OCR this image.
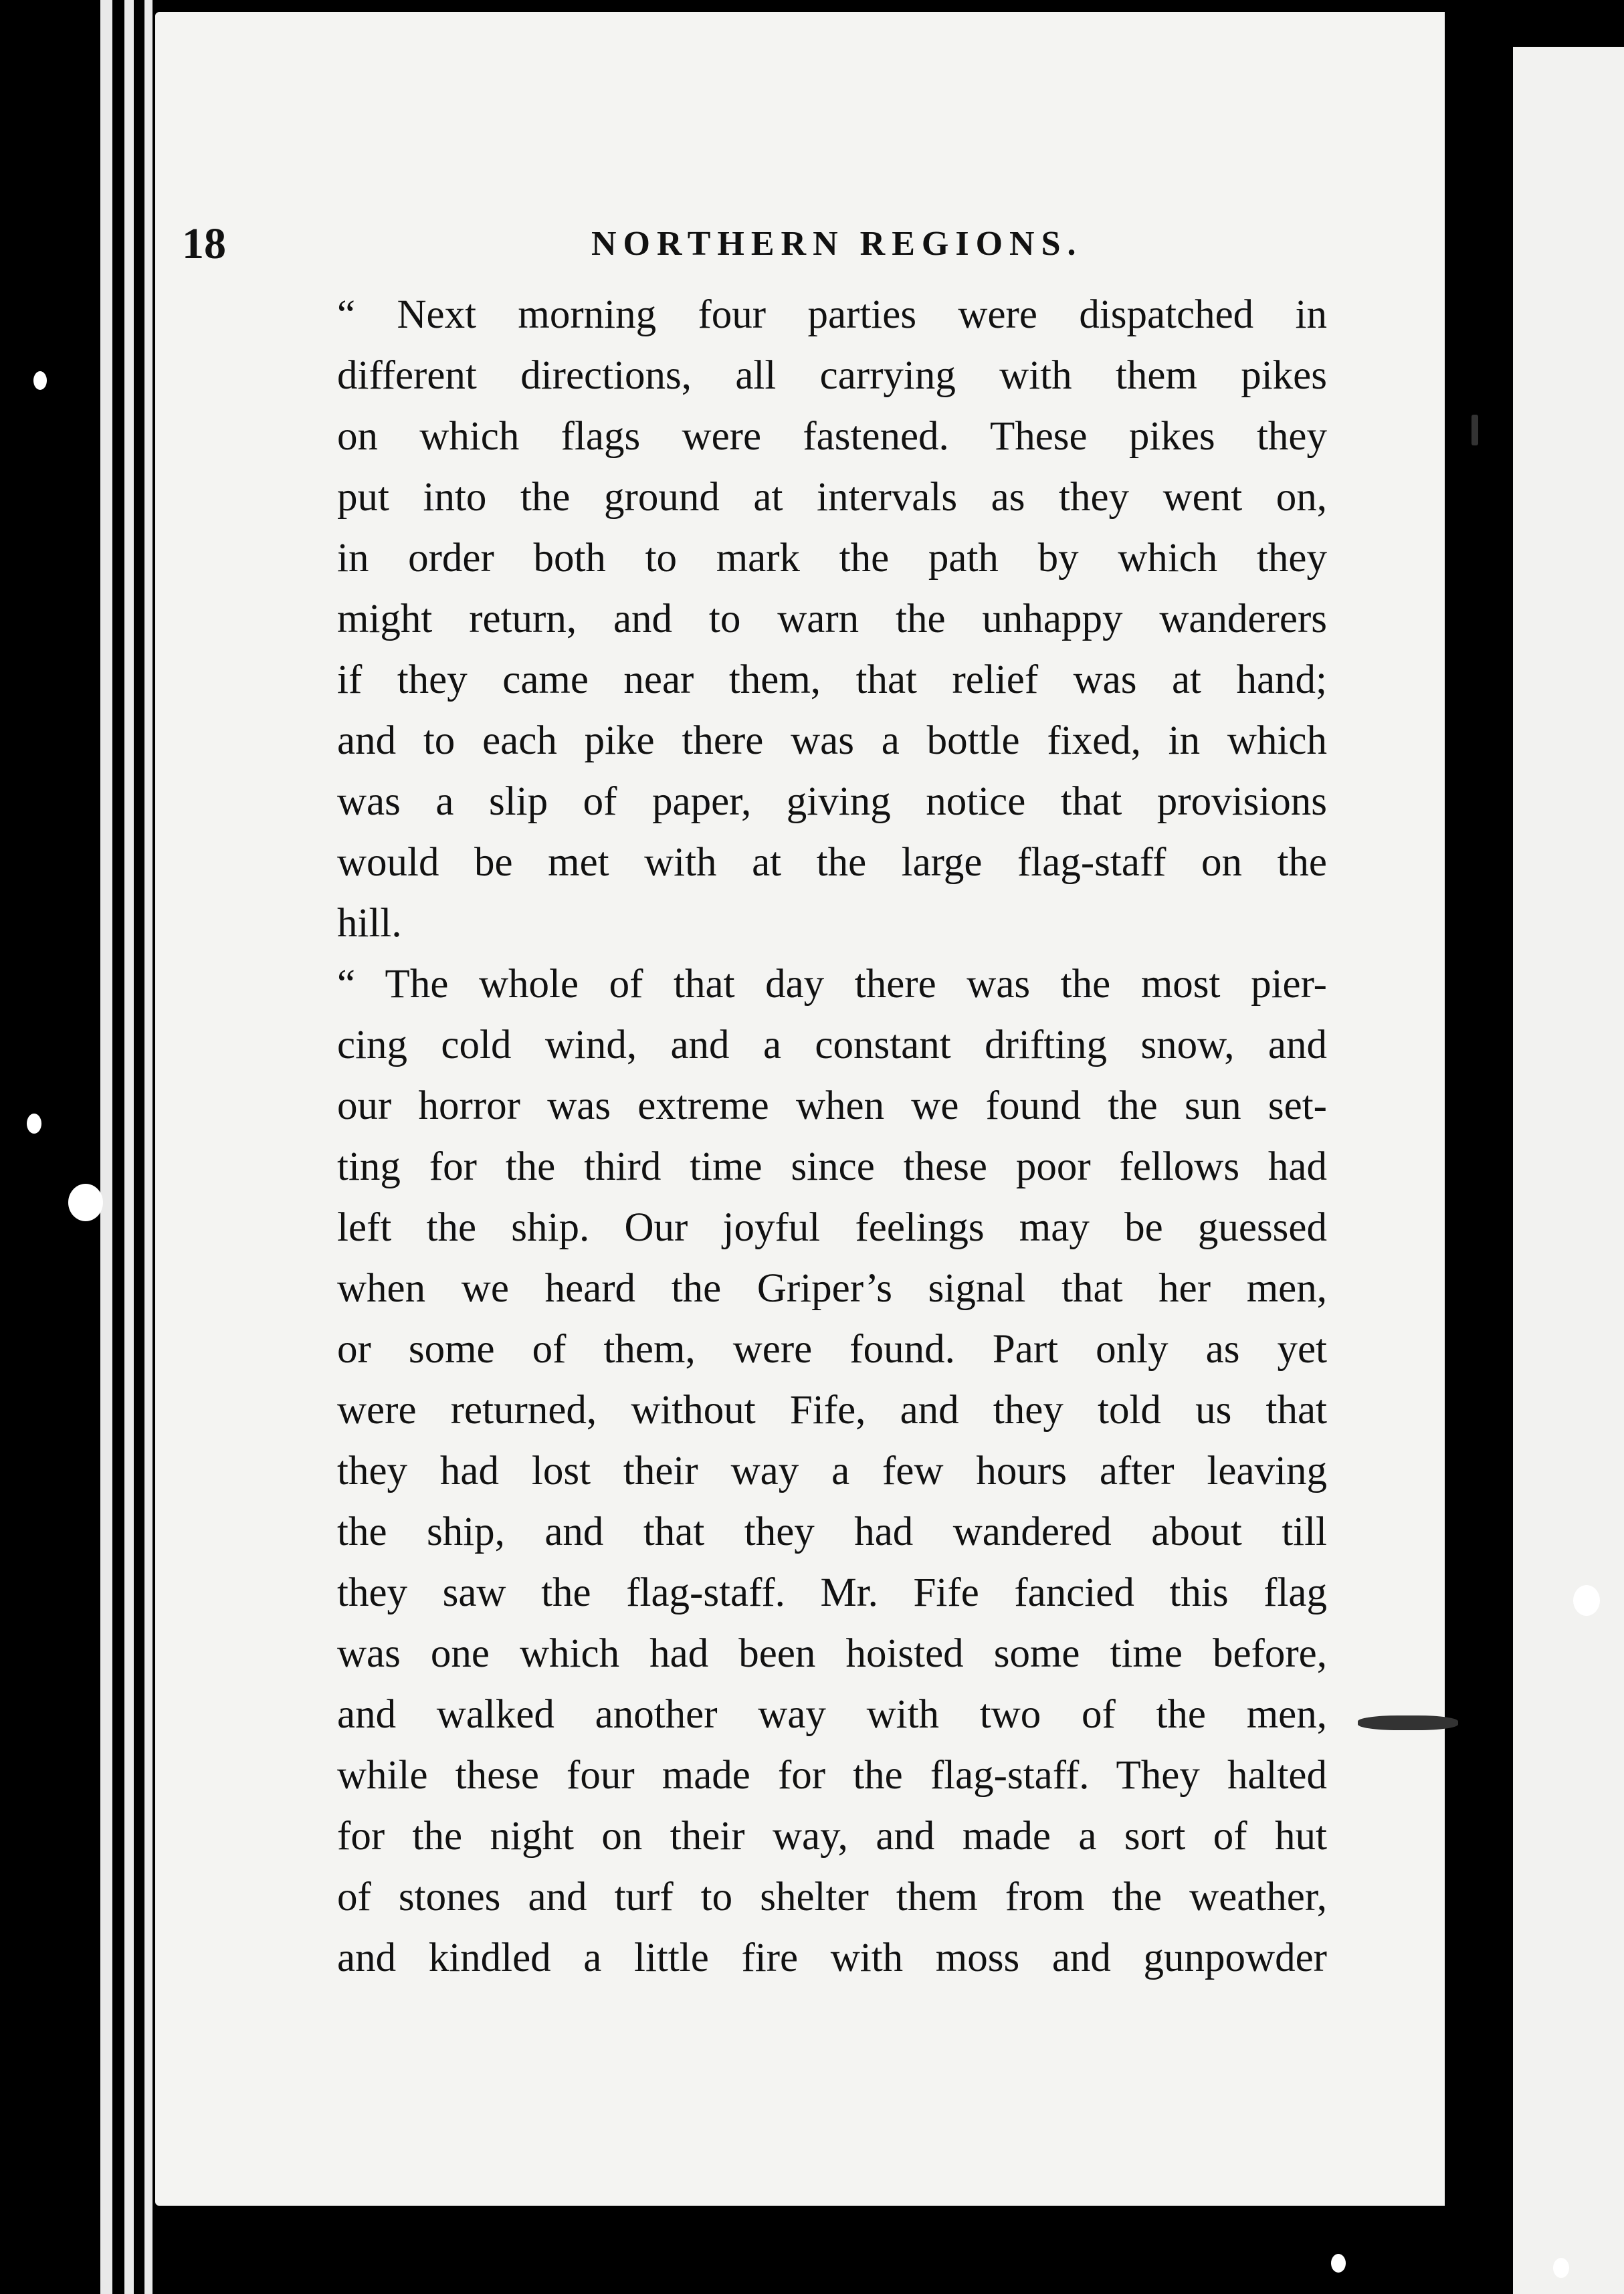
18	NORTHERN REGIONS.
“ Next morning four parties were dispatched in
different directions, all carrying with them pikes
on which flags were fastened. These pikes they
put into the ground at intervals as they went on,
in order both to mark the path by which they
might return, and to warn the unhappy wanderers
if they came near them, that relief was at hand;
and to each pike there was a bottle fixed, in which
was a slip of paper, giving notice that provisions
would be met with at the large flag-staff on the
hill.
“ The whole of that day there was the most pier-
cing cold wind, and a constant drifting snow, and
our horror was extreme when we found the sun set-
ting for the third time since these poor fellows had
left the ship. Our joyful feelings may be guessed
when we heard the Griper’s signal that her men,
or some of them, were found. Part only as yet
were returned, without Fife, and they told us that
they had lost their way a few hours after leaving
the ship, and that they had wandered about till
they saw the flag-staff. Mr. Fife fancied this flag
was one which had been hoisted some time before,
and walked another way with two of the men,
while these four made for the flag-staff. They halted
for the night on their way, and made a sort of hut
of stones and turf to shelter them from the weather,
and kindled a little fire with moss and gunpowder
